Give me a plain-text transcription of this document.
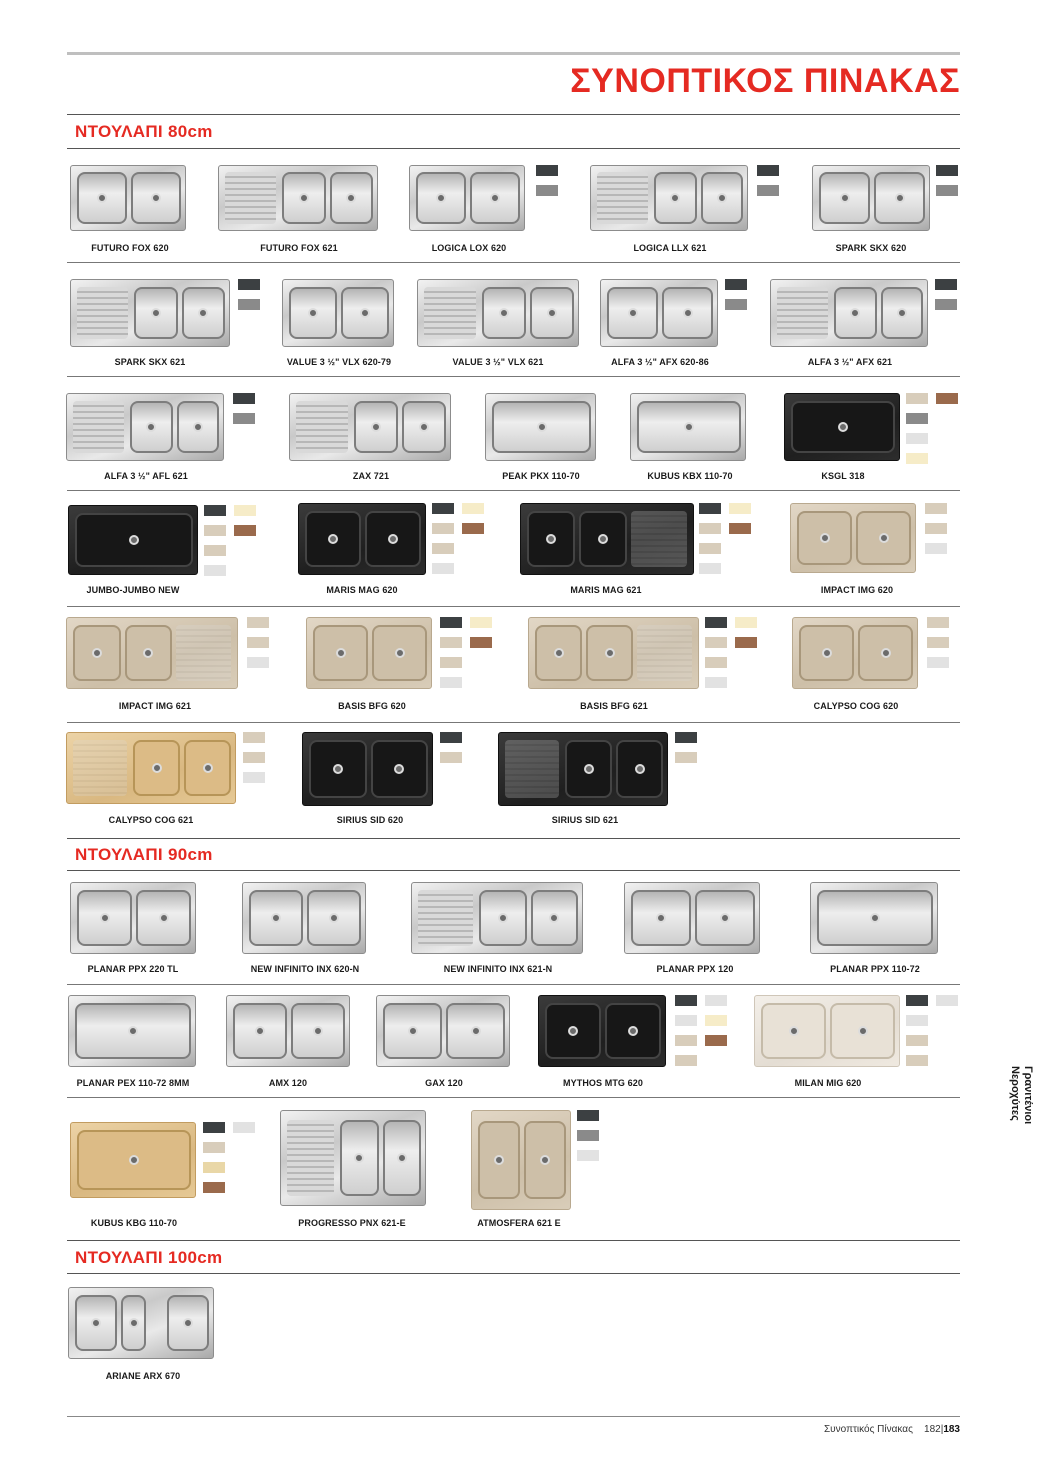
ΣΥΝΟΠΤΙΚΟΣ ΠΙΝΑΚΑΣ
ΝΤΟΥΛΑΠΙ 80cm
ΝΤΟΥΛΑΠΙ 90cm
ΝΤΟΥΛΑΠΙ 100cm
FUTURO FOX 620	FUTURO FOX 621	LOGICA LOX 620	LOGICA LLX 621	SPARK SKX 620
SPARK SKX 621	VALUE 3 ½" VLX 620-79	VALUE 3 ½" VLX 621	ALFA 3 ½" AFX 620-86	ALFA 3 ½" AFX 621
ALFA 3 ½" AFL 621	ZAX 721	PEAK PKX 110-70	KUBUS KBX 110-70	KSGL 318
JUMBO-JUMBO NEW	MARIS MAG 620	MARIS MAG 621	IMPACT IMG 620
IMPACT IMG 621	BASIS BFG 620	BASIS BFG 621	CALYPSO COG 620
CALYPSO COG 621	SIRIUS SID 620	SIRIUS SID 621
PLANAR PPX 220 TL	NEW INFINITO INX 620-N	NEW INFINITO INX 621-N	PLANAR PPX 120	PLANAR PPX 110-72
PLANAR PEX 110-72 8MM	AMX 120	GAX 120	MYTHOS MTG 620	MILAN MIG 620
KUBUS KBG 110-70	PROGRESSO PNX 621-E	ATMOSFERA 621 E
ARIANE ARX 670
Γρανιτένιοι
Νεροχύτες
Συνοπτικός Πίνακας 182|183
